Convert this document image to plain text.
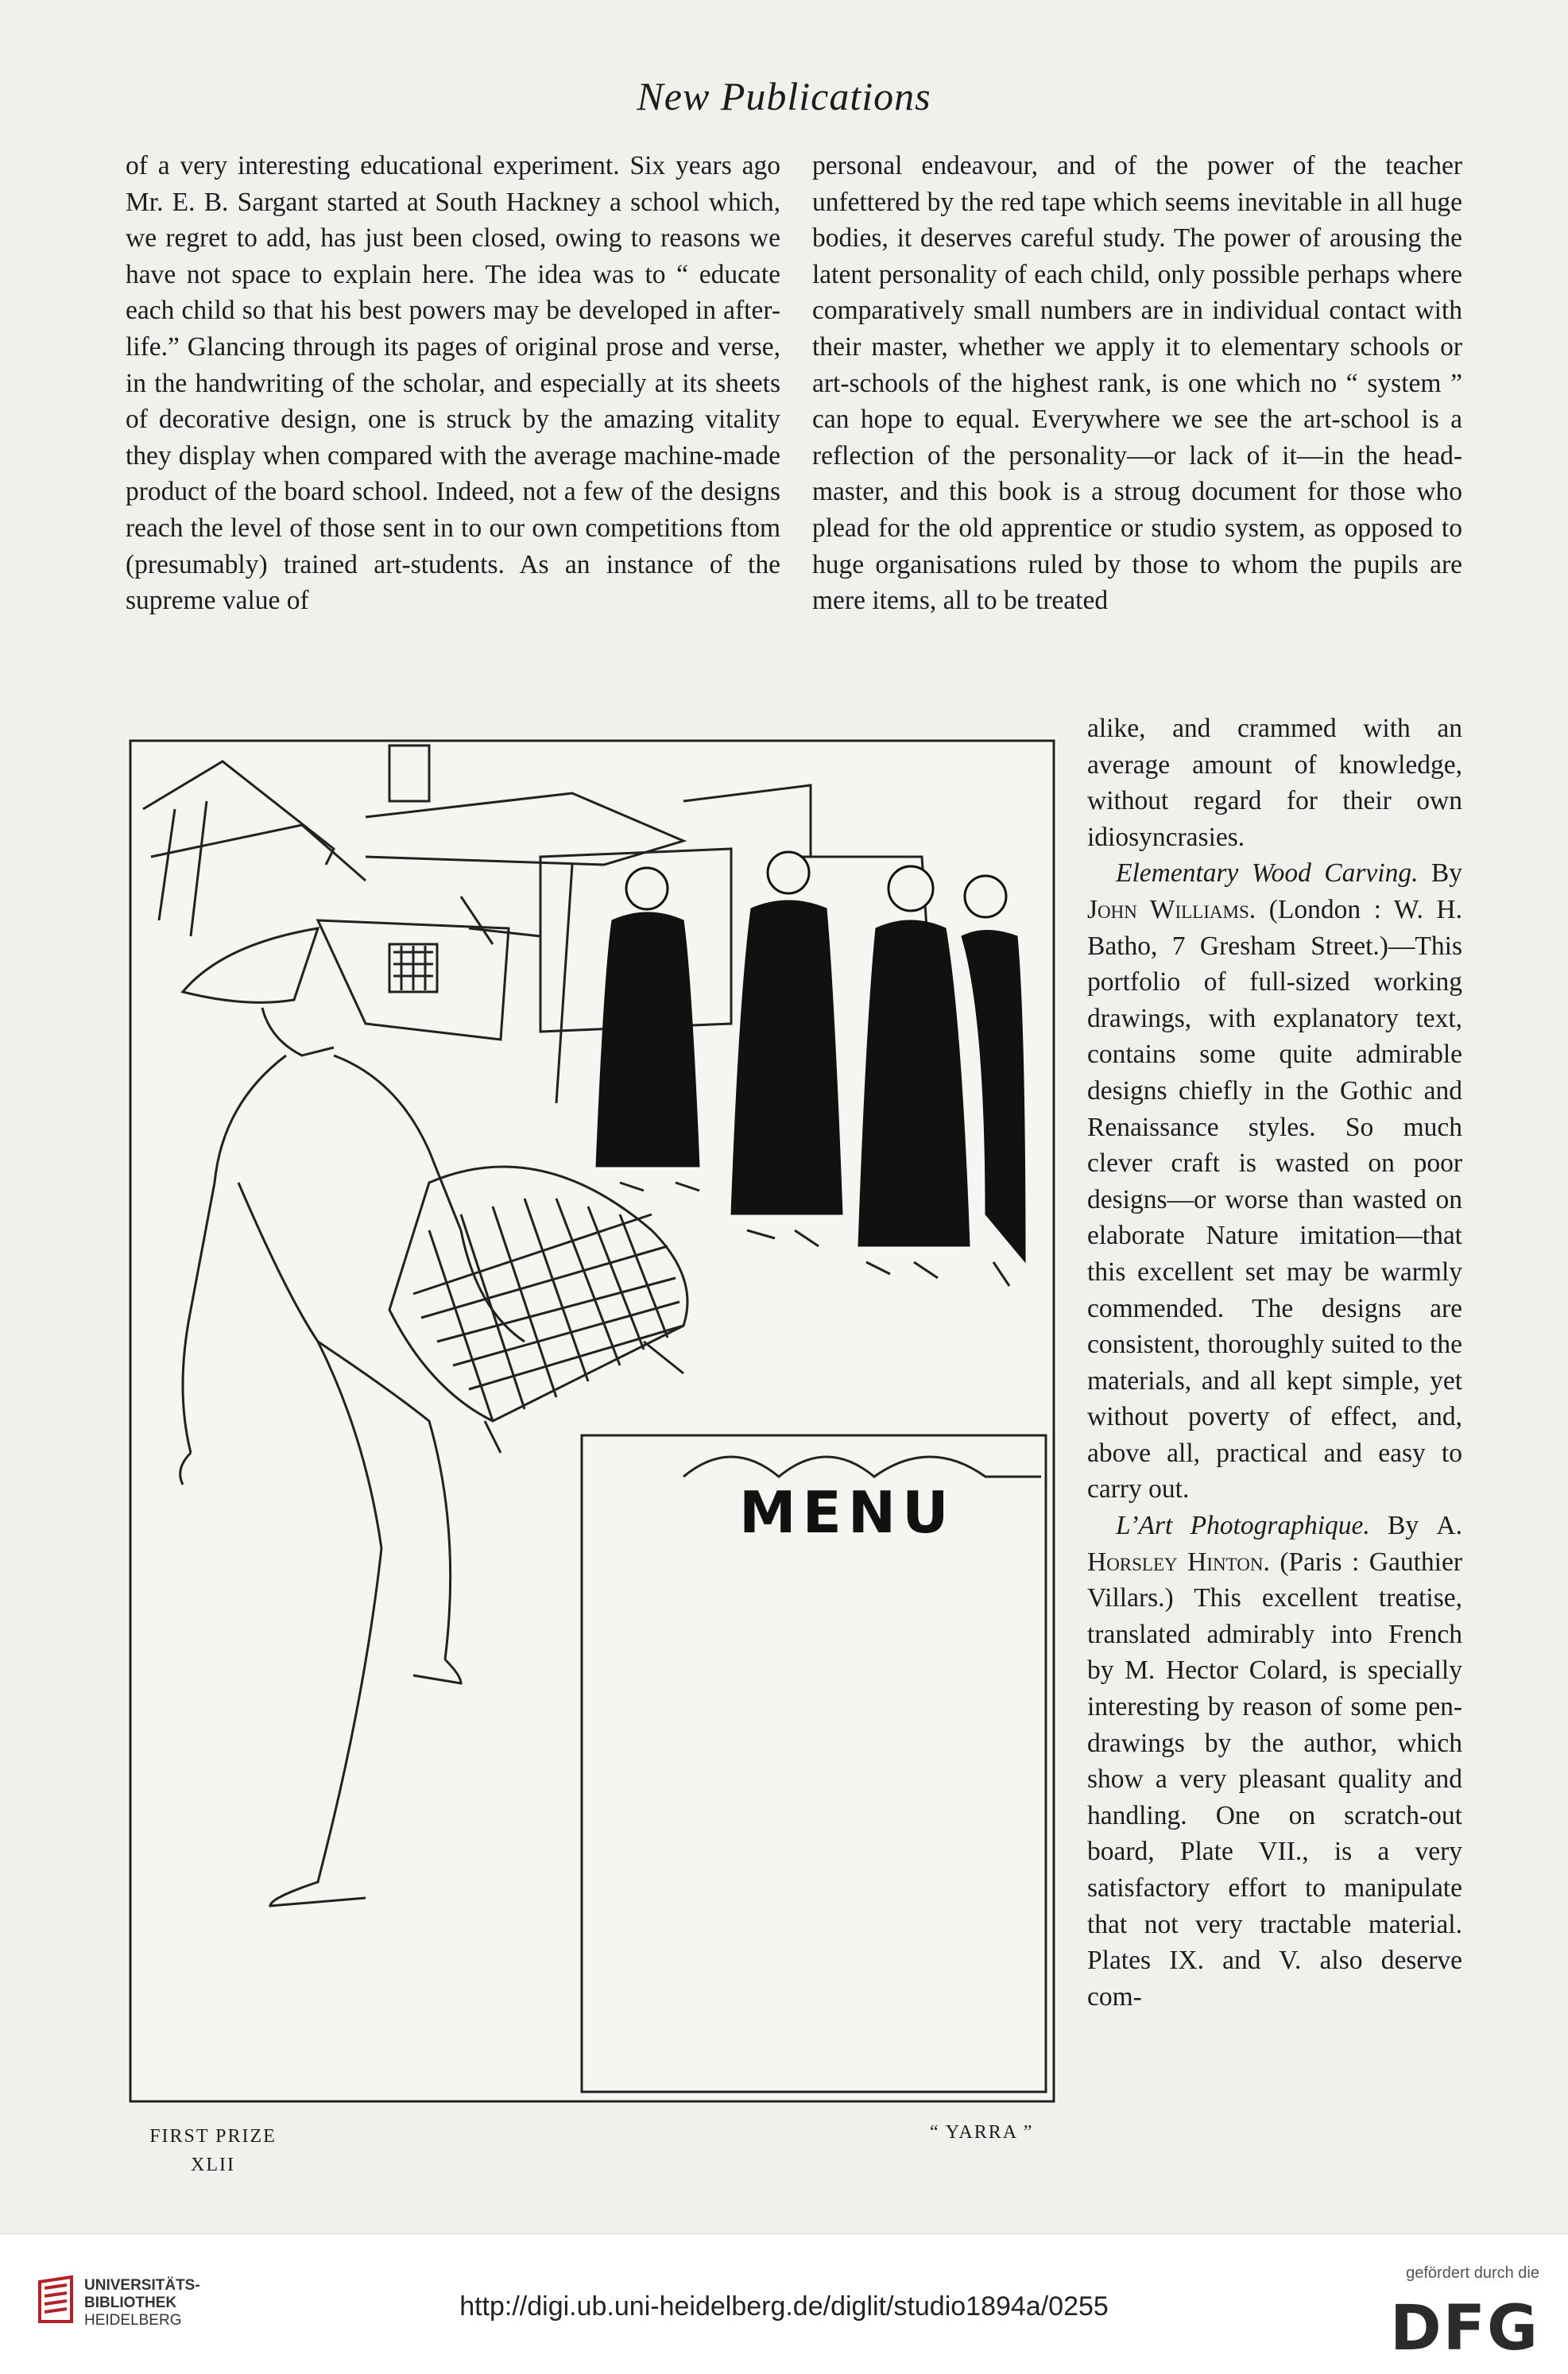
New Publications

of a very interesting educational experiment. Six years ago Mr. E. B. Sargant started at South Hackney a school which, we regret to add, has just been closed, owing to reasons we have not space to explain here. The idea was to “ educate each child so that his best powers may be developed in after-life.” Glancing through its pages of original prose and verse, in the handwriting of the scholar, and especially at its sheets of decorative design, one is struck by the amazing vitality they display when compared with the average machine-made product of the board school. Indeed, not a few of the designs reach the level of those sent in to our own competitions ftom (presumably) trained art-students. As an instance of the supreme value of

personal endeavour, and of the power of the teacher unfettered by the red tape which seems inevitable in all huge bodies, it deserves careful study. The power of arousing the latent personality of each child, only possible perhaps where comparatively small numbers are in individual contact with their master, whether we apply it to elementary schools or art-schools of the highest rank, is one which no “ system ” can hope to equal. Everywhere we see the art-school is a reflection of the personality—or lack of it—in the head-master, and this book is a stroug document for those who plead for the old apprentice or studio system, as opposed to huge organisations ruled by those to whom the pupils are mere items, all to be treated

alike, and crammed with an average amount of knowledge, without regard for their own idiosyncrasies.

Elementary Wood Carving. By John Williams. (London : W. H. Batho, 7 Gresham Street.)—This portfolio of full-sized working drawings, with explanatory text, contains some quite admirable designs chiefly in the Gothic and Renaissance styles. So much clever craft is wasted on poor designs—or worse than wasted on elaborate Nature imitation—that this excellent set may be warmly commended. The designs are consistent, thoroughly suited to the materials, and all kept simple, yet without poverty of effect, and, above all, practical and easy to carry out.

L’Art Photographique. By A. Horsley Hinton. (Paris : Gauthier Villars.) This excellent treatise, translated admirably into French by M. Hector Colard, is specially interesting by reason of some pen-drawings by the author, which show a very pleasant quality and handling. One on scratch-out board, Plate VII., is a very satisfactory effort to manipulate that not very tractable material. Plates IX. and V. also deserve com-

MENU
FIRST PRIZE
XLII
“ YARRA ”
UNIVERSITÄTS-
BIBLIOTHEK
HEIDELBERG	http://digi.ub.uni-heidelberg.de/diglit/studio1894a/0255
gefördert durch die
DFG
